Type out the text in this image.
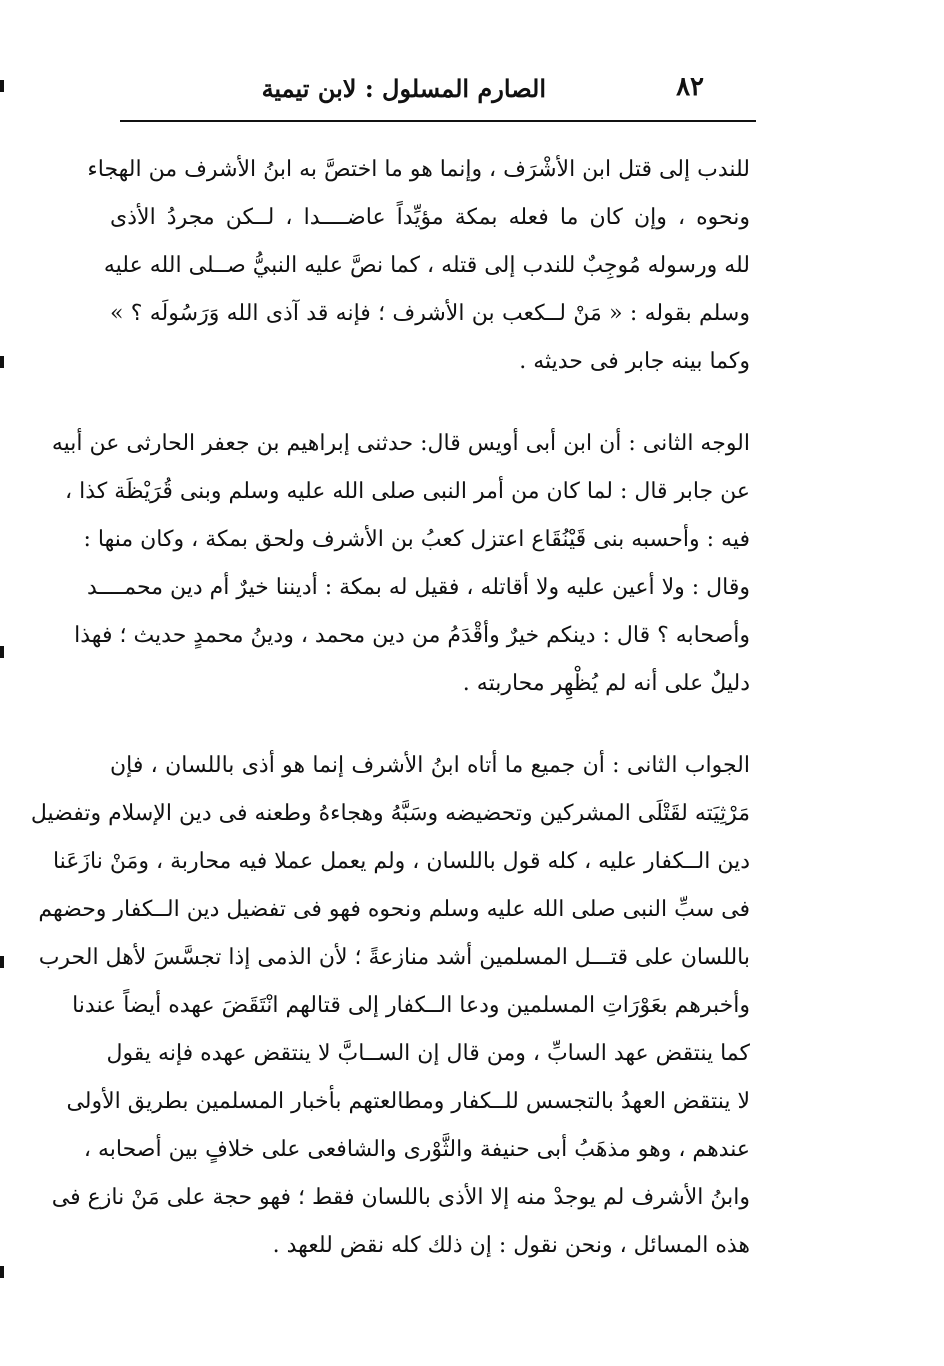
٨٢
الصارم المسلول : لابن تيمية
للندب إلى قتل ابن الأشْرَف ، وإنما هو ما اختصَّ به ابنُ الأشرف من الهجاء
ونحوه ، وإن كان ما فعله بمكة مؤيِّداً عاضــــدا ، لــكن مجردُ الأذى
لله ورسوله مُوجِبٌ للندب إلى قتله ، كما نصَّ عليه النبيُّ صــلى الله عليه
وسلم بقوله : « مَنْ لــكعب بن الأشرف ؛ فإنه قد آذى الله وَرَسُولَه ؟ »
وكما بينه جابر فى حديثه .
الوجه الثانى : أن ابن أبى أويس قال: حدثنى إبراهيم بن جعفر الحارثى عن أبيه
عن جابر قال : لما كان من أمر النبى صلى الله عليه وسلم وبنى قُرَيْظَة كذا ،
فيه : وأحسبه بنى قَيْنُقَاع اعتزل كعبُ بن الأشرف ولحق بمكة ، وكان منها :
وقال : ولا أعين عليه ولا أقاتله ، فقيل له بمكة : أديننا خيرٌ أم دين محمــــد
وأصحابه ؟ قال : دينكم خيرٌ وأقْدَمُ من دين محمد ، ودينُ محمدٍ حديث ؛ فهذا
دليلٌ على أنه لم يُظْهِر محاربته .
الجواب الثانى : أن جميع ما أتاه ابنُ الأشرف إنما هو أذى باللسان ، فإن
مَرْثِيَته لقَتْلَى المشركين وتحضيضه وسَبَّهُ وهجاءهُ وطعنه فى دين الإسلام وتفضيل
دين الــكفار عليه ، كله قول باللسان ، ولم يعمل عملا فيه محاربة ، ومَنْ نازَعَنا
فى سبِّ النبى صلى الله عليه وسلم ونحوه فهو فى تفضيل دين الــكفار وحضهم
باللسان على قتـــل المسلمين أشد منازعةً ؛ لأن الذمى إذا تجسَّسَ لأهل الحرب
وأخبرهم بعَوْرَاتِ المسلمين ودعا الــكفار إلى قتالهم انْتَقَضَ عهده أيضاً عندنا
كما ينتقض عهد السابِّ ، ومن قال إن الســابَّ لا ينتقض عهده فإنه يقول
لا ينتقض العهدُ بالتجسس للــكفار ومطالعتهم بأخبار المسلمين بطريق الأولى
عندهم ، وهو مذهَبُ أبى حنيفة والثَّوْرى والشافعى على خلافٍ بين أصحابه ،
وابنُ الأشرف لم يوجدْ منه إلا الأذى باللسان فقط ؛ فهو حجة على مَنْ نازع فى
هذه المسائل ، ونحن نقول : إن ذلك كله نقض للعهد .
